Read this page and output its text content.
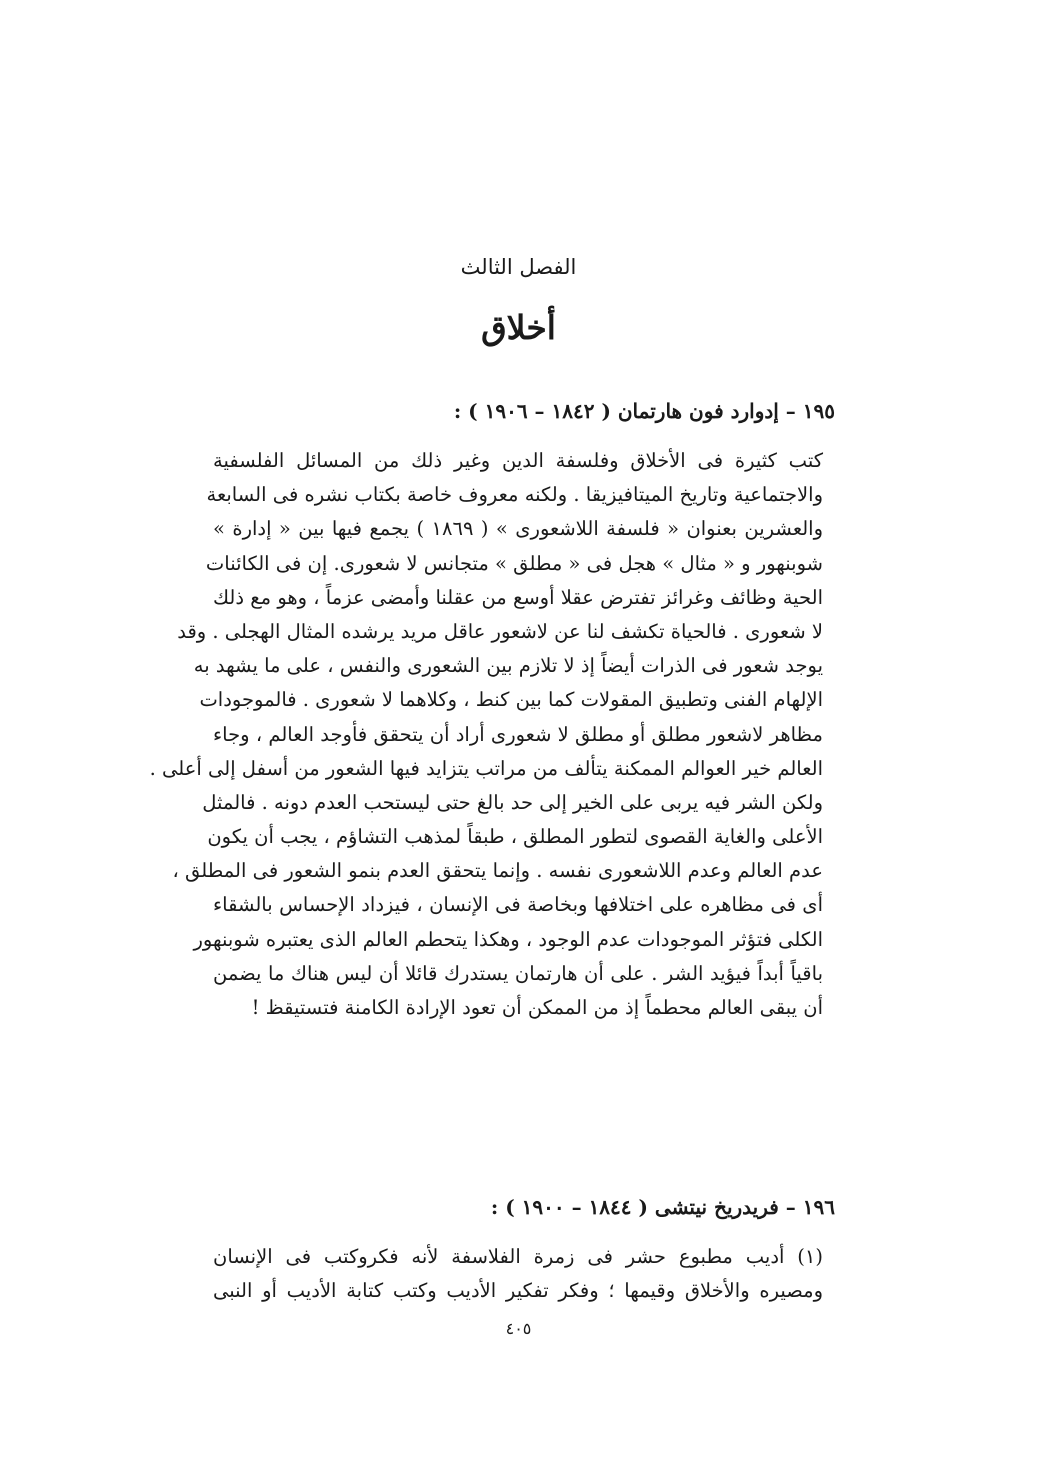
الفصل الثالث
أخلاق
١٩٥ – إدوارد فون هارتمان ( ١٨٤٢ – ١٩٠٦ ) :
كتب كثيرة فى الأخلاق وفلسفة الدين وغير ذلك من المسائل الفلسفية
والاجتماعية وتاريخ الميتافيزيقا . ولكنه معروف خاصة بكتاب نشره فى السابعة
والعشرين بعنوان « فلسفة اللاشعورى » ( ١٨٦٩ ) يجمع فيها بين « إدارة »
شوبنهور و « مثال » هجل فى « مطلق » متجانس لا شعورى. إن فى الكائنات
الحية وظائف وغرائز تفترض عقلا أوسع من عقلنا وأمضى عزماً ، وهو مع ذلك
لا شعورى . فالحياة تكشف لنا عن لاشعور عاقل مريد يرشده المثال الهجلى . وقد
يوجد شعور فى الذرات أيضاً إذ لا تلازم بين الشعورى والنفس ، على ما يشهد به
الإلهام الفنى وتطبيق المقولات كما بين كنط ، وكلاهما لا شعورى . فالموجودات
مظاهر لاشعور مطلق أو مطلق لا شعورى أراد أن يتحقق فأوجد العالم ، وجاء
العالم خير العوالم الممكنة يتألف من مراتب يتزايد فيها الشعور من أسفل إلى أعلى .
ولكن الشر فيه يربى على الخير إلى حد بالغ حتى ليستحب العدم دونه . فالمثل
الأعلى والغاية القصوى لتطور المطلق ، طبقاً لمذهب التشاؤم ، يجب أن يكون
عدم العالم وعدم اللاشعورى نفسه . وإنما يتحقق العدم بنمو الشعور فى المطلق ،
أى فى مظاهره على اختلافها وبخاصة فى الإنسان ، فيزداد الإحساس بالشقاء
الكلى فتؤثر الموجودات عدم الوجود ، وهكذا يتحطم العالم الذى يعتبره شوبنهور
باقياً أبداً فيؤيد الشر . على أن هارتمان يستدرك قائلا أن ليس هناك ما يضمن
أن يبقى العالم محطماً إذ من الممكن أن تعود الإرادة الكامنة فتستيقظ !
١٩٦ – فريدريخ نيتشى ( ١٨٤٤ – ١٩٠٠ ) :
(١) أديب مطبوع حشر فى زمرة الفلاسفة لأنه فكروكتب فى الإنسان
ومصيره والأخلاق وقيمها ؛ وفكر تفكير الأديب وكتب كتابة الأديب أو النبى
٤٠٥
